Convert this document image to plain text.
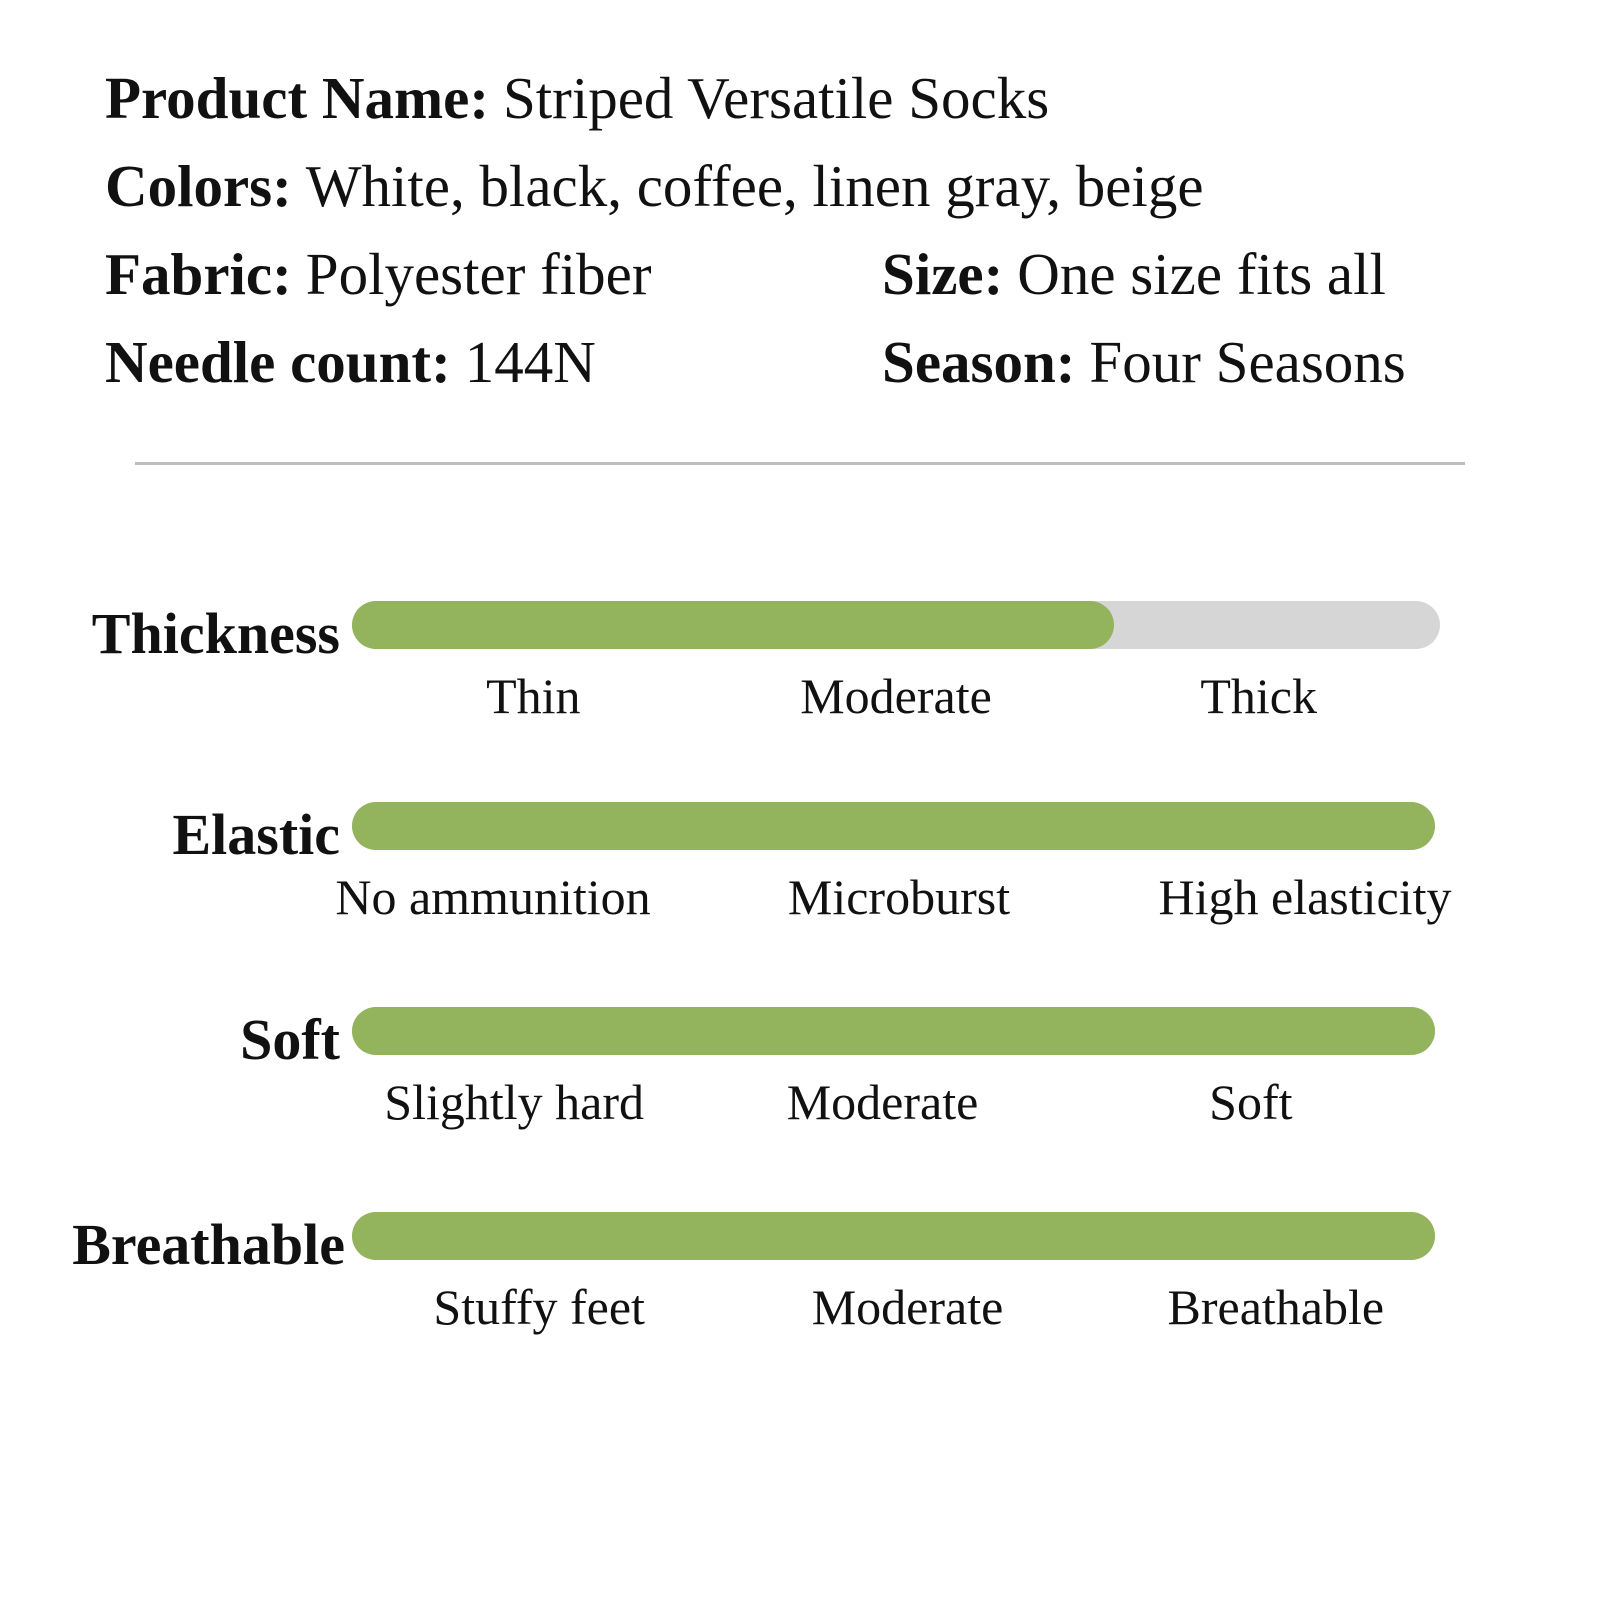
Product Name: Striped Versatile Socks
Colors: White, black, coffee, linen gray, beige
Fabric: Polyester fiber	Size: One size fits all
Needle count: 144N	Season: Four Seasons
Thickness
Thin	Moderate	Thick
Elastic
No ammunition	Microburst	High elasticity
Soft
Slightly hard	Moderate	Soft
Breathable
Stuffy feet	Moderate	Breathable
